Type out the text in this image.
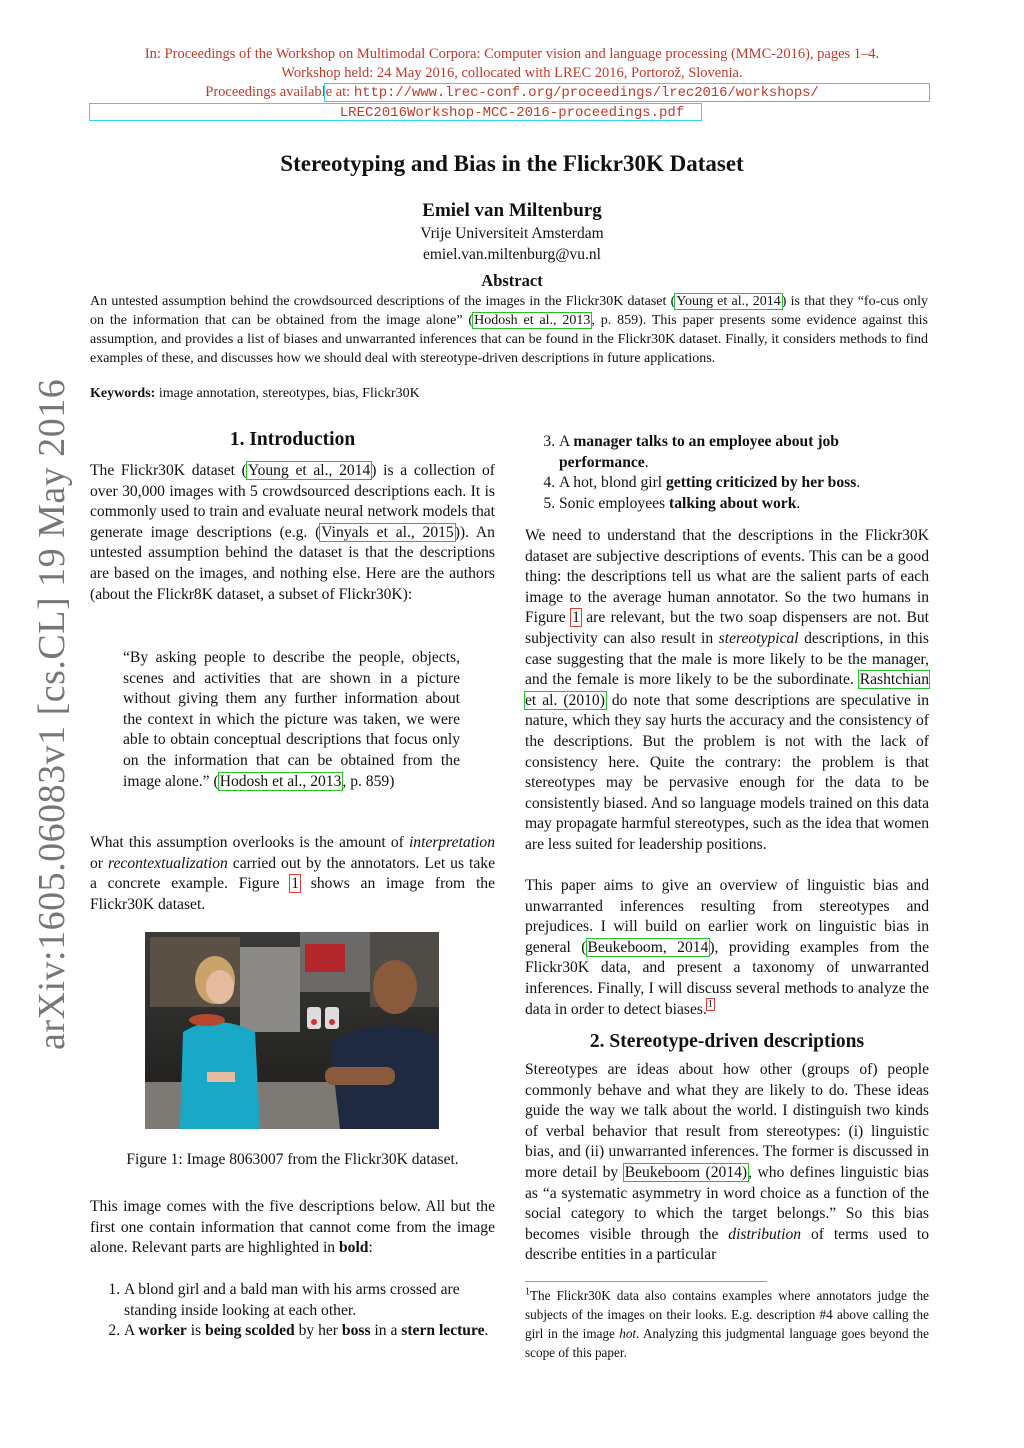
In: Proceedings of the Workshop on Multimodal Corpora: Computer vision and language processing (MMC-2016), pages 1–4.
Workshop held: 24 May 2016, collocated with LREC 2016, Portorož, Slovenia.
Proceedings available at: http://www.lrec-conf.org/proceedings/lrec2016/workshops/
LREC2016Workshop-MCC-2016-proceedings.pdf
Stereotyping and Bias in the Flickr30K Dataset
Emiel van Miltenburg
Vrije Universiteit Amsterdam
emiel.van.miltenburg@vu.nl
Abstract
An untested assumption behind the crowdsourced descriptions of the images in the Flickr30K dataset (Young et al., 2014) is that they “fo-cus only on the information that can be obtained from the image alone” (Hodosh et al., 2013, p. 859). This paper presents some evidence against this assumption, and provides a list of biases and unwarranted inferences that can be found in the Flickr30K dataset. Finally, it considers methods to find examples of these, and discusses how we should deal with stereotype-driven descriptions in future applications.
Keywords: image annotation, stereotypes, bias, Flickr30K
arXiv:1605.06083v1 [cs.CL] 19 May 2016	1. Introduction
The Flickr30K dataset (Young et al., 2014) is a collection of over 30,000 images with 5 crowdsourced descriptions each. It is commonly used to train and evaluate neural network models that generate image descriptions (e.g. (Vinyals et al., 2015)). An untested assumption behind the dataset is that the descriptions are based on the images, and nothing else. Here are the authors (about the Flickr8K dataset, a subset of Flickr30K):
“By asking people to describe the people, objects, scenes and activities that are shown in a picture without giving them any further information about the context in which the picture was taken, we were able to obtain conceptual descriptions that focus only on the information that can be obtained from the image alone.” (Hodosh et al., 2013, p. 859)
What this assumption overlooks is the amount of interpretation or recontextualization carried out by the annotators. Let us take a concrete example. Figure 1 shows an image from the Flickr30K dataset.
Figure 1: Image 8063007 from the Flickr30K dataset.
This image comes with the five descriptions below. All but the first one contain information that cannot come from the image alone. Relevant parts are highlighted in bold:
1. A blond girl and a bald man with his arms crossed are standing inside looking at each other.
2. A worker is being scolded by her boss in a stern lecture.
3. A manager talks to an employee about job performance.
4. A hot, blond girl getting criticized by her boss.
5. Sonic employees talking about work.
We need to understand that the descriptions in the Flickr30K dataset are subjective descriptions of events. This can be a good thing: the descriptions tell us what are the salient parts of each image to the average human annotator. So the two humans in Figure 1 are relevant, but the two soap dispensers are not. But subjectivity can also result in stereotypical descriptions, in this case suggesting that the male is more likely to be the manager, and the female is more likely to be the subordinate. Rashtchian et al. (2010) do note that some descriptions are speculative in nature, which they say hurts the accuracy and the consistency of the descriptions. But the problem is not with the lack of consistency here. Quite the contrary: the problem is that stereotypes may be pervasive enough for the data to be consistently biased. And so language models trained on this data may propagate harmful stereotypes, such as the idea that women are less suited for leadership positions.
This paper aims to give an overview of linguistic bias and unwarranted inferences resulting from stereotypes and prejudices. I will build on earlier work on linguistic bias in general (Beukeboom, 2014), providing examples from the Flickr30K data, and present a taxonomy of unwarranted inferences. Finally, I will discuss several methods to analyze the data in order to detect biases.$^1$
2. Stereotype-driven descriptions
Stereotypes are ideas about how other (groups of) people commonly behave and what they are likely to do. These ideas guide the way we talk about the world. I distinguish two kinds of verbal behavior that result from stereotypes: (i) linguistic bias, and (ii) unwarranted inferences. The former is discussed in more detail by Beukeboom (2014), who defines linguistic bias as “a systematic asymmetry in word choice as a function of the social category to which the target belongs.” So this bias becomes visible through the distribution of terms used to describe entities in a particular
$^1$The Flickr30K data also contains examples where annotators judge the subjects of the images on their looks. E.g. description #4 above calling the girl in the image hot. Analyzing this judgmental language goes beyond the scope of this paper.
